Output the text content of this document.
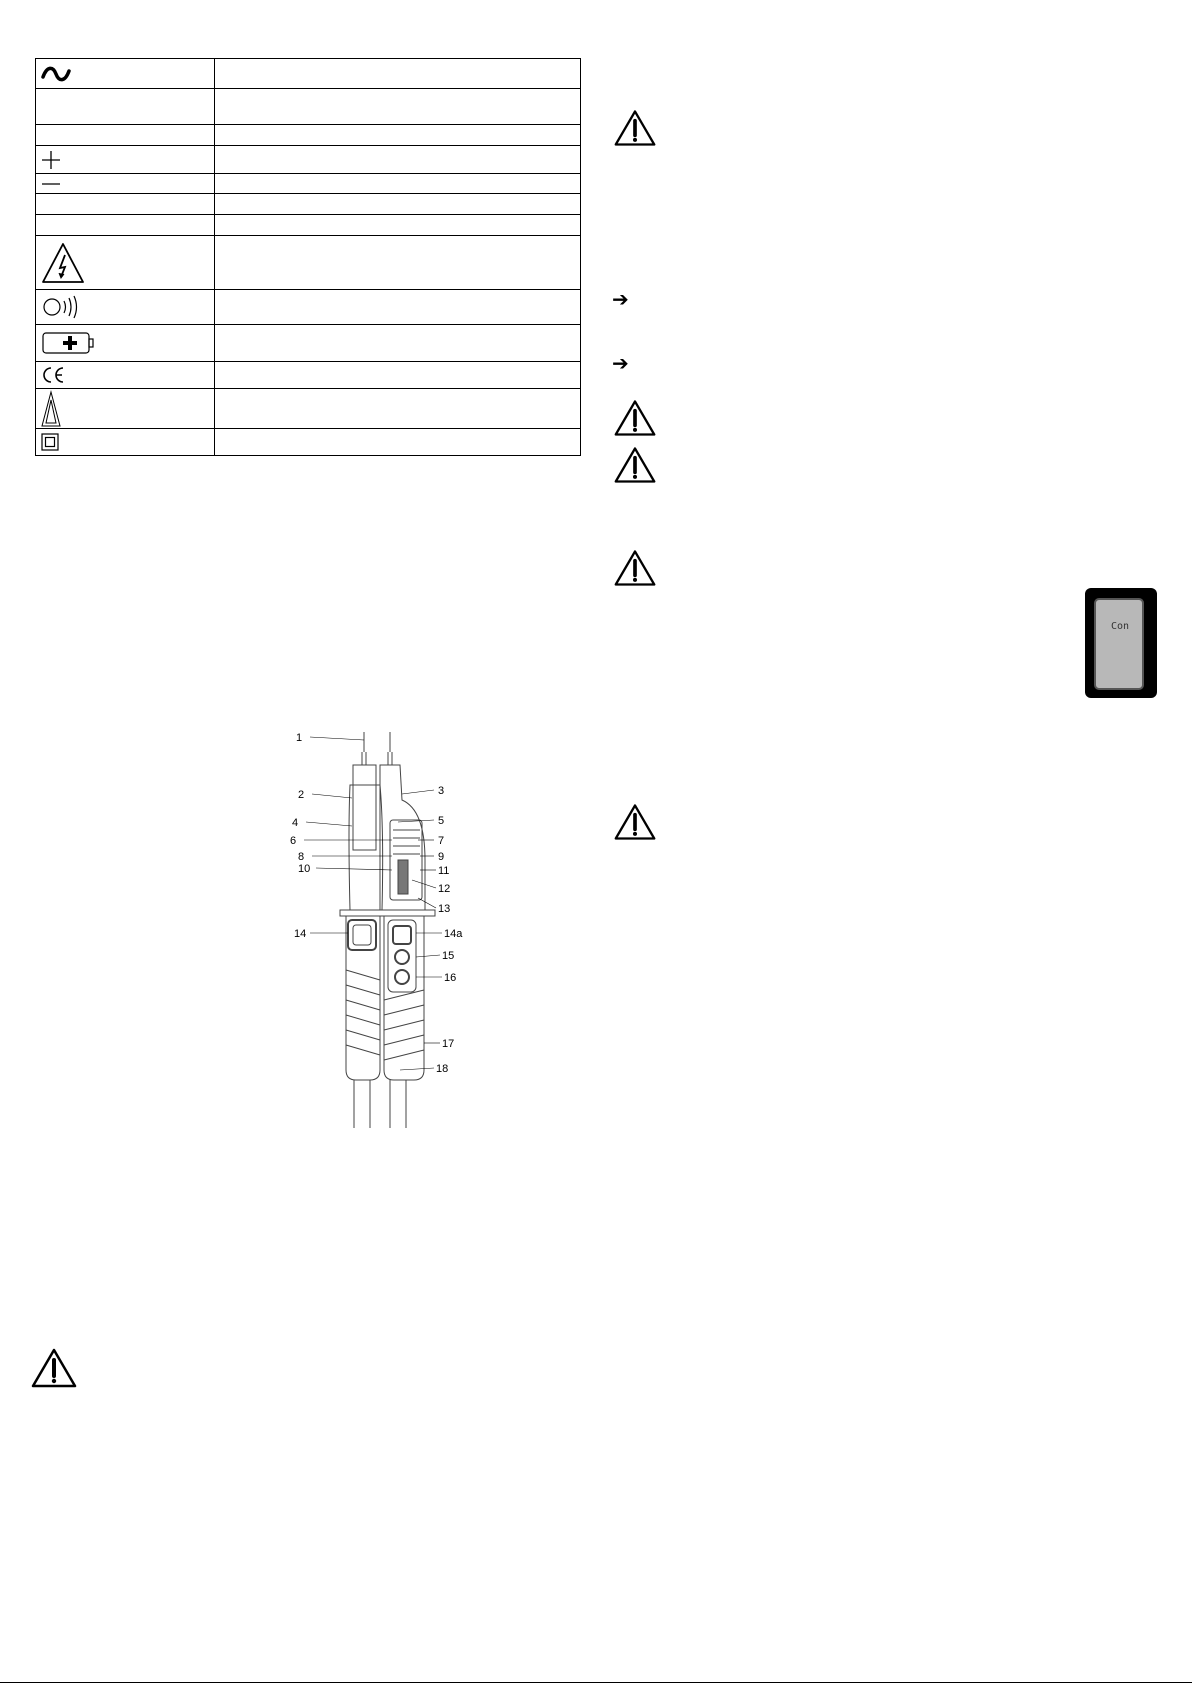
1
2	3
4	5
6	7
8	9
10	11
12
13
14	14a
15
16
17
18
➔
➔
Con
